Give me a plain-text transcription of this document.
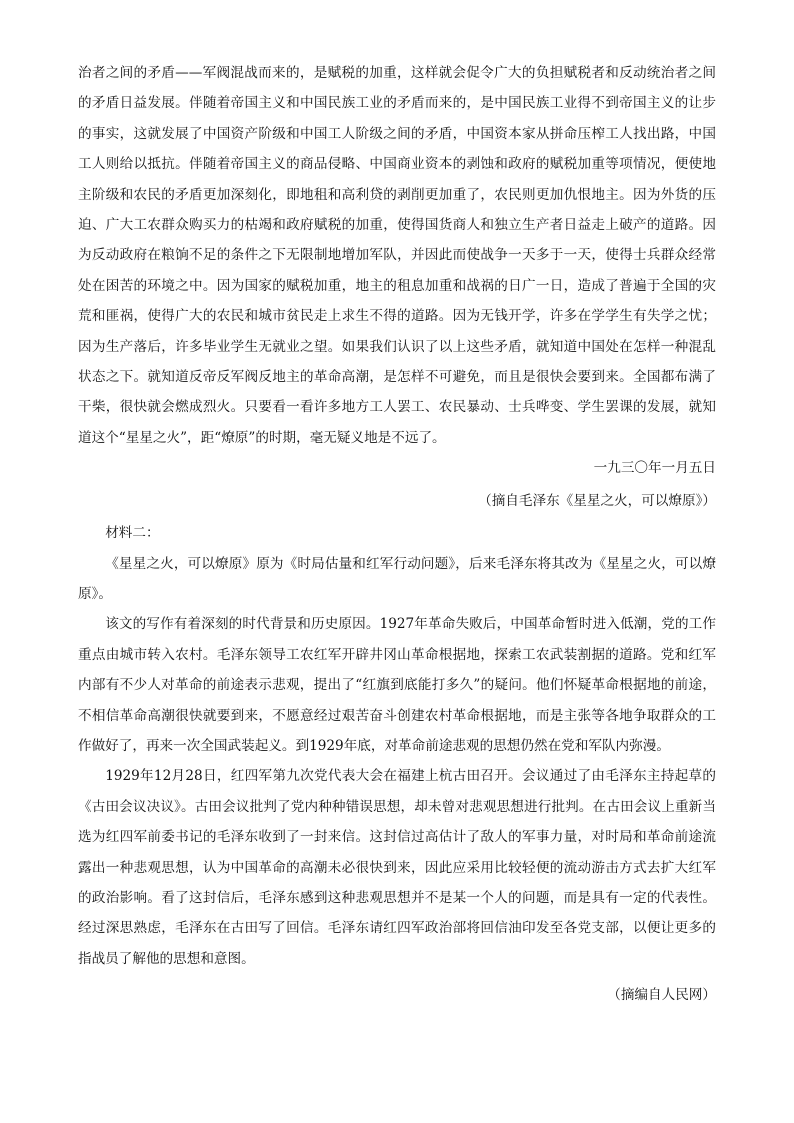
治者之间的矛盾——军阀混战而来的，是赋税的加重，这样就会促令广大的负担赋税者和反动统治者之间的矛盾日益发展。伴随着帝国主义和中国民族工业的矛盾而来的，是中国民族工业得不到帝国主义的让步的事实，这就发展了中国资产阶级和中国工人阶级之间的矛盾，中国资本家从拼命压榨工人找出路，中国工人则给以抵抗。伴随着帝国主义的商品侵略、中国商业资本的剥蚀和政府的赋税加重等项情况，便使地主阶级和农民的矛盾更加深刻化，即地租和高利贷的剥削更加重了，农民则更加仇恨地主。因为外货的压迫、广大工农群众购买力的枯竭和政府赋税的加重，使得国货商人和独立生产者日益走上破产的道路。因为反动政府在粮饷不足的条件之下无限制地增加军队，并因此而使战争一天多于一天，使得士兵群众经常处在困苦的环境之中。因为国家的赋税加重，地主的租息加重和战祸的日广一日，造成了普遍于全国的灾荒和匪祸，使得广大的农民和城市贫民走上求生不得的道路。因为无钱开学，许多在学学生有失学之忧；因为生产落后，许多毕业学生无就业之望。如果我们认识了以上这些矛盾，就知道中国处在怎样一种混乱状态之下。就知道反帝反军阀反地主的革命高潮，是怎样不可避免，而且是很快会要到来。全国都布满了干柴，很快就会燃成烈火。只要看一看许多地方工人罢工、农民暴动、士兵哗变、学生罢课的发展，就知道这个“星星之火”，距“燎原”的时期，毫无疑义地是不远了。

一九三〇年一月五日

（摘自毛泽东《星星之火，可以燎原》）

材料二：

《星星之火，可以燎原》原为《时局估量和红军行动问题》，后来毛泽东将其改为《星星之火，可以燎原》。

该文的写作有着深刻的时代背景和历史原因。1927年革命失败后，中国革命暂时进入低潮，党的工作重点由城市转入农村。毛泽东领导工农红军开辟井冈山革命根据地，探索工农武装割据的道路。党和红军内部有不少人对革命的前途表示悲观，提出了“红旗到底能打多久”的疑问。他们怀疑革命根据地的前途，不相信革命高潮很快就要到来，不愿意经过艰苦奋斗创建农村革命根据地，而是主张等各地争取群众的工作做好了，再来一次全国武装起义。到1929年底，对革命前途悲观的思想仍然在党和军队内弥漫。

1929年12月28日，红四军第九次党代表大会在福建上杭古田召开。会议通过了由毛泽东主持起草的《古田会议决议》。古田会议批判了党内种种错误思想，却未曾对悲观思想进行批判。在古田会议上重新当选为红四军前委书记的毛泽东收到了一封来信。这封信过高估计了敌人的军事力量，对时局和革命前途流露出一种悲观思想，认为中国革命的高潮未必很快到来，因此应采用比较轻便的流动游击方式去扩大红军的政治影响。看了这封信后，毛泽东感到这种悲观思想并不是某一个人的问题，而是具有一定的代表性。经过深思熟虑，毛泽东在古田写了回信。毛泽东请红四军政治部将回信油印发至各党支部，以便让更多的指战员了解他的思想和意图。

（摘编自人民网）
